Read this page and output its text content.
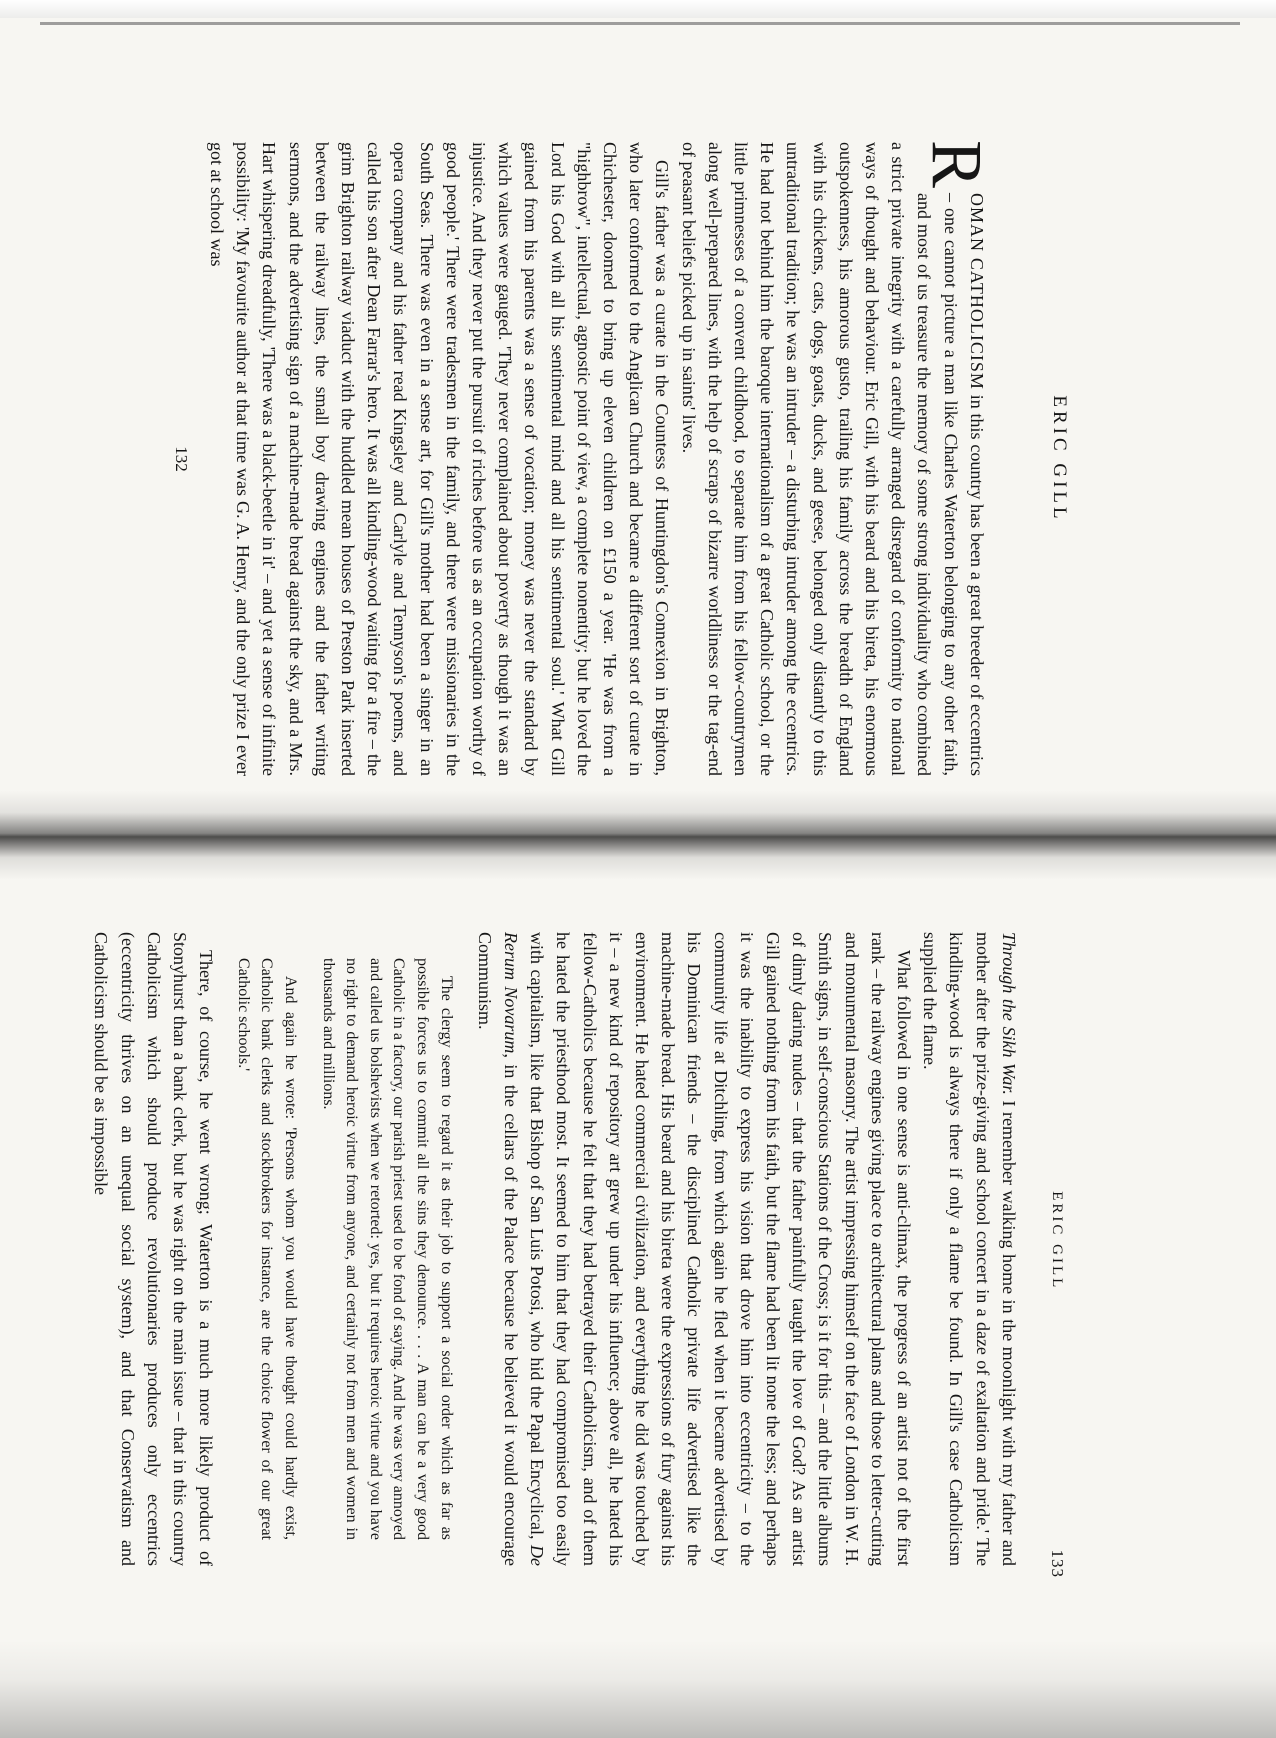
ERIC GILL

R
OMAN CATHOLICISM in this country has been a great breeder of eccentrics – one cannot picture a man like Charles Waterton belonging to any other faith, and most of us treasure the memory of some strong individuality who combined a strict private integrity with a carefully arranged disregard of conformity to national ways of thought and behaviour. Eric Gill, with his beard and his bireta, his enormous outspokenness, his amorous gusto, trailing his family across the breadth of England with his chickens, cats, dogs, goats, ducks, and geese, belonged only distantly to this untraditional tradition; he was an intruder – a disturbing intruder among the eccentrics. He had not behind him the baroque internationalism of a great Catholic school, or the little primnesses of a convent childhood, to separate him from his fellow-countrymen along well-prepared lines, with the help of scraps of bizarre worldliness or the tag-end of peasant beliefs picked up in saints' lives.

Gill's father was a curate in the Countess of Huntingdon's Connexion in Brighton, who later conformed to the Anglican Church and became a different sort of curate in Chichester, doomed to bring up eleven children on £150 a year. 'He was from a "highbrow", intellectual, agnostic point of view, a complete nonentity; but he loved the Lord his God with all his sentimental mind and all his sentimental soul.' What Gill gained from his parents was a sense of vocation; money was never the standard by which values were gauged. 'They never complained about poverty as though it was an injustice. And they never put the pursuit of riches before us as an occupation worthy of good people.' There were tradesmen in the family, and there were missionaries in the South Seas. There was even in a sense art, for Gill's mother had been a singer in an opera company and his father read Kingsley and Carlyle and Tennyson's poems, and called his son after Dean Farrar's hero. It was all kindling-wood waiting for a fire – the grim Brighton railway viaduct with the huddled mean houses of Preston Park inserted between the railway lines, the small boy drawing engines and the father writing sermons, and the advertising sign of a machine-made bread against the sky, and a Mrs. Hart whispering dreadfully, 'There was a black-beetle in it' – and yet a sense of infinite possibility: 'My favourite author at that time was G. A. Henry, and the only prize I ever got at school was

132
ERIC GILL
133

Through the Sikh War. I remember walking home in the moonlight with my father and mother after the prize-giving and school concert in a daze of exaltation and pride.' The kindling-wood is always there if only a flame be found. In Gill's case Catholicism supplied the flame.

What followed in one sense is anti-climax, the progress of an artist not of the first rank – the railway engines giving place to architectural plans and those to letter-cutting and monumental masonry. The artist impressing himself on the face of London in W. H. Smith signs, in self-conscious Stations of the Cross; is it for this – and the little albums of dimly daring nudes – that the father painfully taught the love of God? As an artist Gill gained nothing from his faith, but the flame had been lit none the less; and perhaps it was the inability to express his vision that drove him into eccentricity – to the community life at Ditchling, from which again he fled when it became advertised by his Dominican friends – the disciplined Catholic private life advertised like the machine-made bread. His beard and his bireta were the expressions of fury against his environment. He hated commercial civilization, and everything he did was touched by it – a new kind of repository art grew up under his influence; above all, he hated his fellow-Catholics because he felt that they had betrayed their Catholicism, and of them he hated the priesthood most. It seemed to him that they had compromised too easily with capitalism, like that Bishop of San Luis Potosi, who hid the Papal Encyclical, De Rerum Novarum, in the cellars of the Palace because he believed it would encourage Communism.

The clergy seem to regard it as their job to support a social order which as far as possible forces us to commit all the sins they denounce. . . . A man can be a very good Catholic in a factory, our parish priest used to be fond of saying. And he was very annoyed and called us bolshevists when we retorted: yes, but it requires heroic virtue and you have no right to demand heroic virtue from anyone, and certainly not from men and women in thousands and millions.

And again he wrote: 'Persons whom you would have thought could hardly exist, Catholic bank clerks and stockbrokers for instance, are the choice flower of our great Catholic schools.'

There, of course, he went wrong; Waterton is a much more likely product of Stonyhurst than a bank clerk, but he was right on the main issue – that in this country Catholicism which should produce revolutionaries produces only eccentrics (eccentricity thrives on an unequal social system), and that Conservatism and Catholicism should be as impossible
